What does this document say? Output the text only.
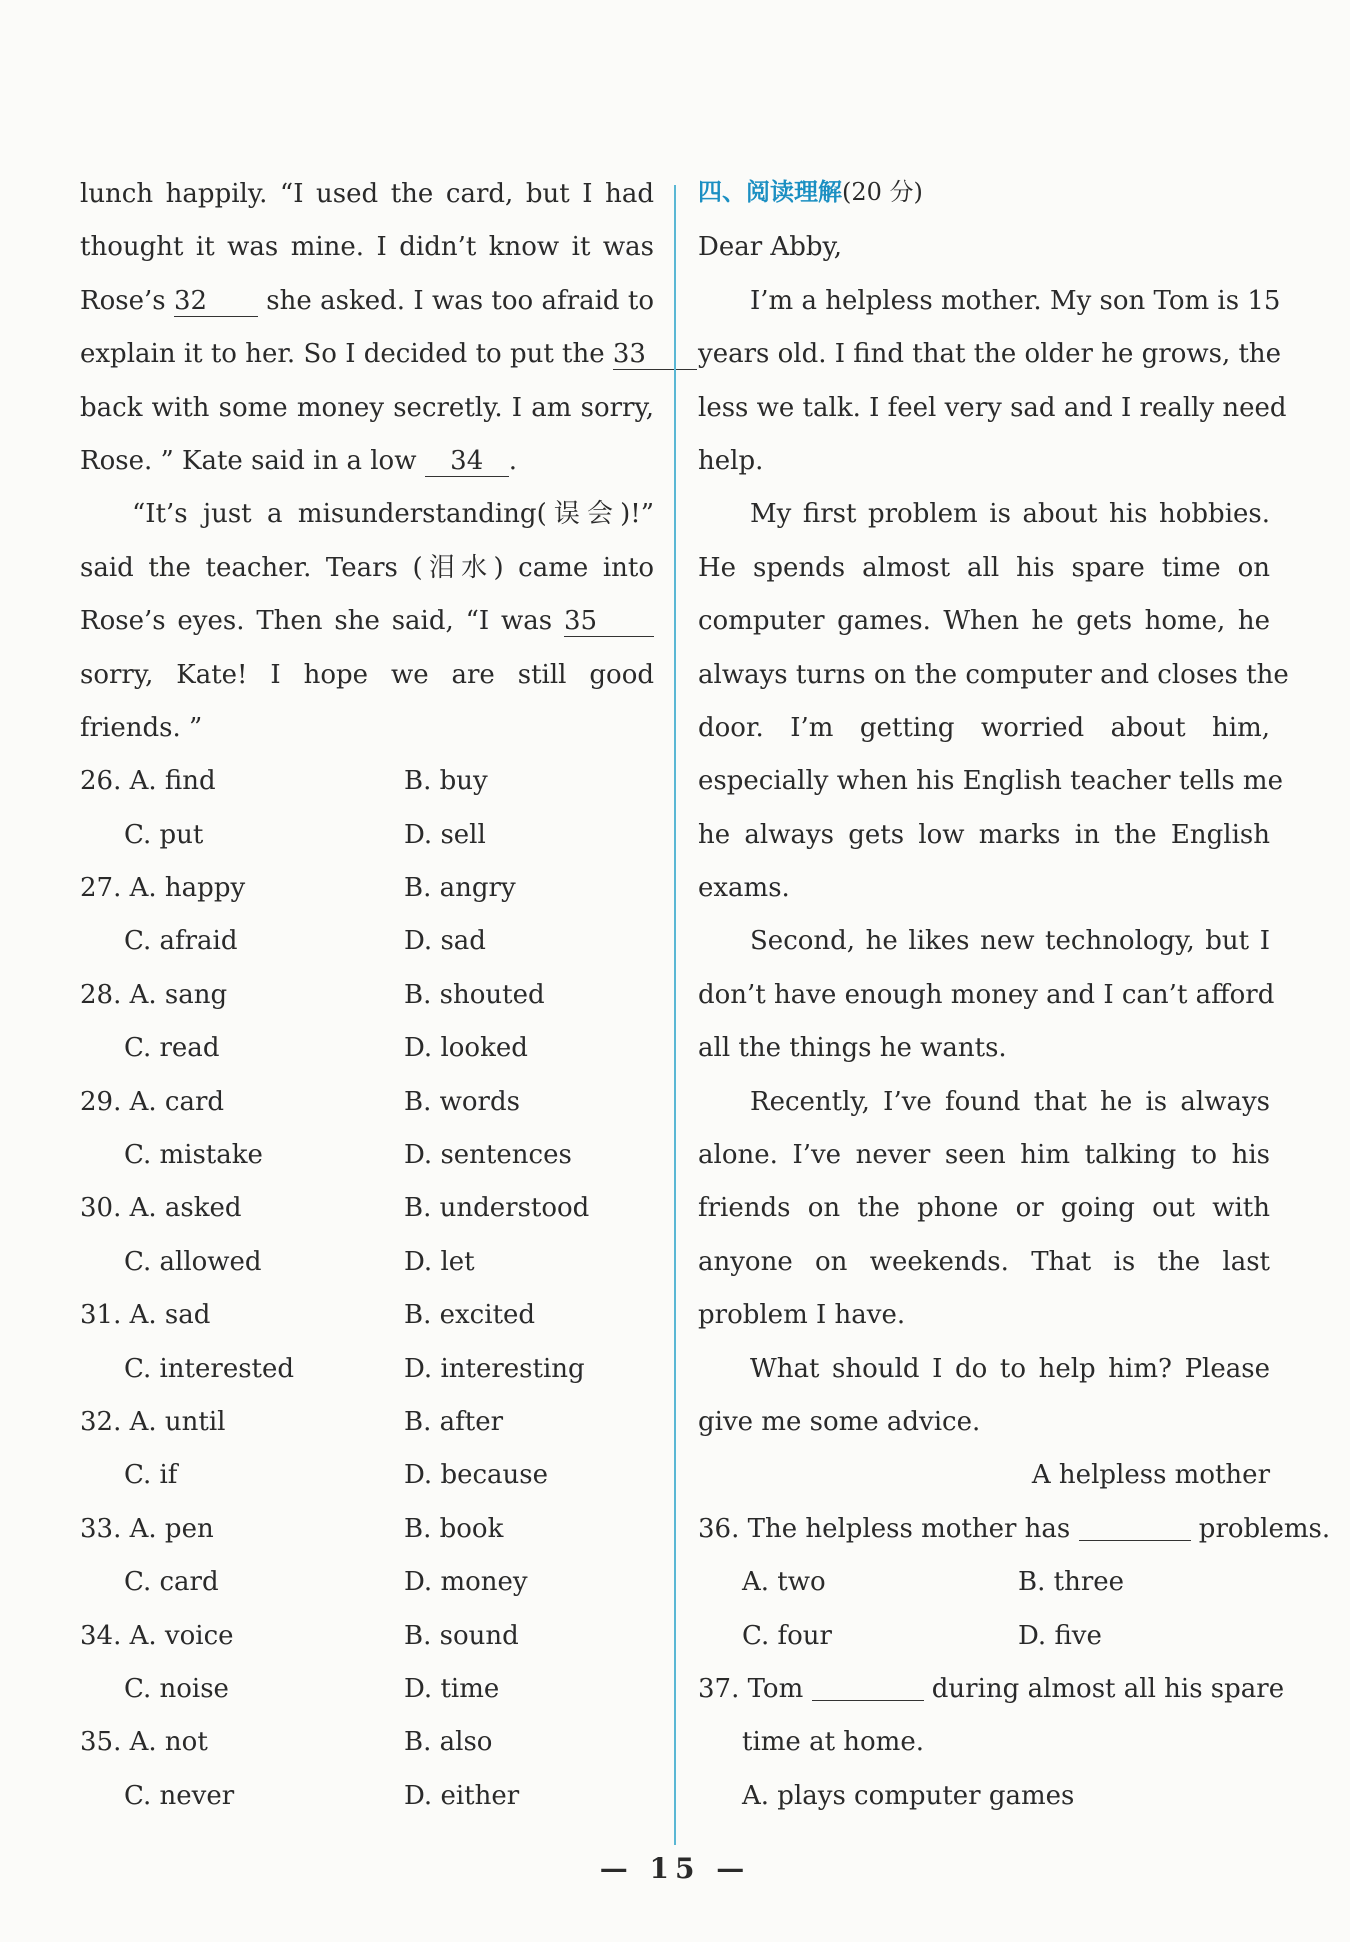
lunch happily. “I used the card, but I had
thought it was mine. I didn’t know it was
Rose’s 32 she asked. I was too afraid to
explain it to her. So I decided to put the 33
back with some money secretly. I am sorry,
Rose. ” Kate said in a low 34 .
“It’s just a misunderstanding(误会)!”
said the teacher. Tears (泪水) came into
Rose’s eyes. Then she said, “I was 35
sorry, Kate! I hope we are still good
friends. ”
26. A. find	B. buy
C. put	D. sell
27. A. happy	B. angry
C. afraid	D. sad
28. A. sang	B. shouted
C. read	D. looked
29. A. card	B. words
C. mistake	D. sentences
30. A. asked	B. understood
C. allowed	D. let
31. A. sad	B. excited
C. interested	D. interesting
32. A. until	B. after
C. if	D. because
33. A. pen	B. book
C. card	D. money
34. A. voice	B. sound
C. noise	D. time
35. A. not	B. also
C. never	D. either
四、阅读理解(20 分)
Dear Abby,
I’m a helpless mother. My son Tom is 15
years old. I find that the older he grows, the
less we talk. I feel very sad and I really need
help.
My first problem is about his hobbies.
He spends almost all his spare time on
computer games. When he gets home, he
always turns on the computer and closes the
door. I’m getting worried about him,
especially when his English teacher tells me
he always gets low marks in the English
exams.
Second, he likes new technology, but I
don’t have enough money and I can’t afford
all the things he wants.
Recently, I’ve found that he is always
alone. I’ve never seen him talking to his
friends on the phone or going out with
anyone on weekends. That is the last
problem I have.
What should I do to help him? Please
give me some advice.
A helpless mother
36. The helpless mother has	problems.
A. two	B. three
C. four	D. five
37. Tom	during almost all his spare
time at home.
A. plays computer games
— 15 —
